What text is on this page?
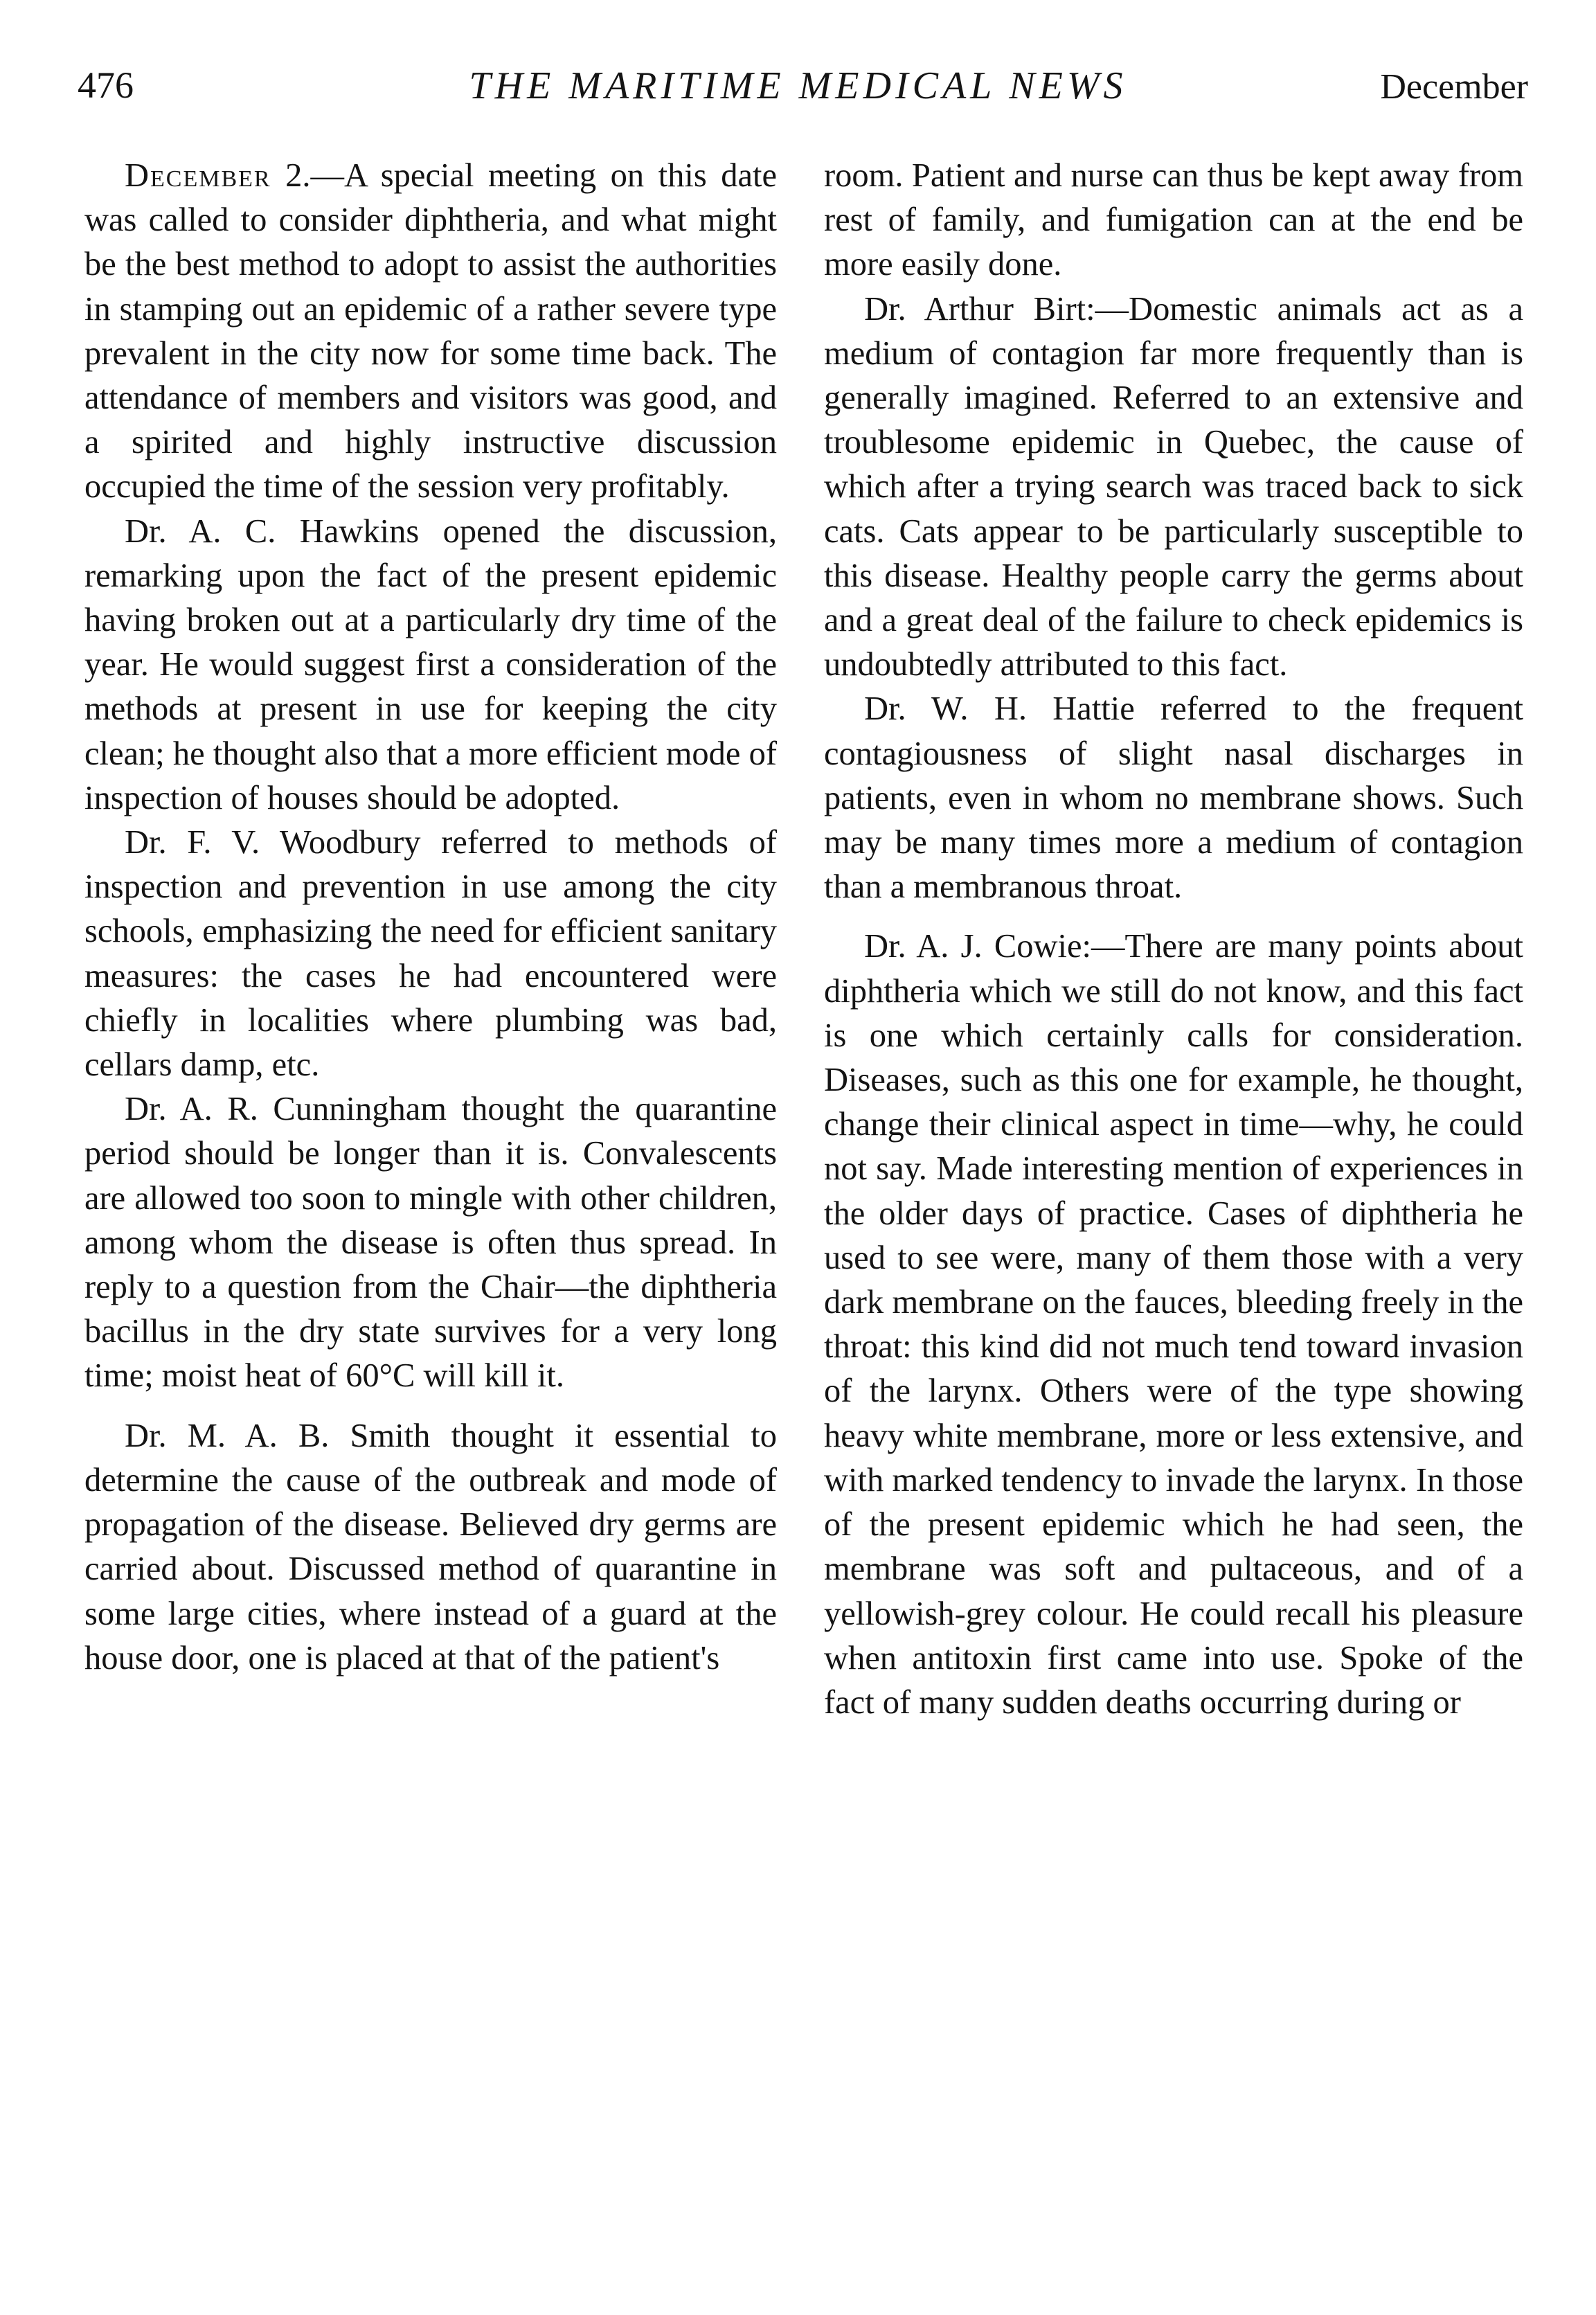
476	THE MARITIME MEDICAL NEWS	December

December 2.—A special meeting on this date was called to consider diphtheria, and what might be the best method to adopt to assist the authorities in stamping out an epidemic of a rather severe type prevalent in the city now for some time back. The attendance of members and visitors was good, and a spirited and highly instructive discussion occupied the time of the session very profitably.

Dr. A. C. Hawkins opened the discussion, remarking upon the fact of the present epidemic having broken out at a particularly dry time of the year. He would suggest first a consideration of the methods at present in use for keeping the city clean; he thought also that a more efficient mode of inspection of houses should be adopted.

Dr. F. V. Woodbury referred to methods of inspection and prevention in use among the city schools, emphasizing the need for efficient sanitary measures: the cases he had encountered were chiefly in localities where plumbing was bad, cellars damp, etc.

Dr. A. R. Cunningham thought the quarantine period should be longer than it is. Convalescents are allowed too soon to mingle with other children, among whom the disease is often thus spread. In reply to a question from the Chair—the diphtheria bacillus in the dry state survives for a very long time; moist heat of 60°C will kill it.

Dr. M. A. B. Smith thought it essential to determine the cause of the outbreak and mode of propagation of the disease. Believed dry germs are carried about. Discussed method of quarantine in some large cities, where instead of a guard at the house door, one is placed at that of the patient's

room. Patient and nurse can thus be kept away from rest of family, and fumigation can at the end be more easily done.

Dr. Arthur Birt:—Domestic animals act as a medium of contagion far more frequently than is generally imagined. Referred to an extensive and troublesome epidemic in Quebec, the cause of which after a trying search was traced back to sick cats. Cats appear to be particularly susceptible to this disease. Healthy people carry the germs about and a great deal of the failure to check epidemics is undoubtedly attributed to this fact.

Dr. W. H. Hattie referred to the frequent contagiousness of slight nasal discharges in patients, even in whom no membrane shows. Such may be many times more a medium of contagion than a membranous throat.

Dr. A. J. Cowie:—There are many points about diphtheria which we still do not know, and this fact is one which certainly calls for consideration. Diseases, such as this one for example, he thought, change their clinical aspect in time—why, he could not say. Made interesting mention of experiences in the older days of practice. Cases of diphtheria he used to see were, many of them those with a very dark membrane on the fauces, bleeding freely in the throat: this kind did not much tend toward invasion of the larynx. Others were of the type showing heavy white membrane, more or less extensive, and with marked tendency to invade the larynx. In those of the present epidemic which he had seen, the membrane was soft and pultaceous, and of a yellowish-grey colour. He could recall his pleasure when antitoxin first came into use. Spoke of the fact of many sudden deaths occurring during or
